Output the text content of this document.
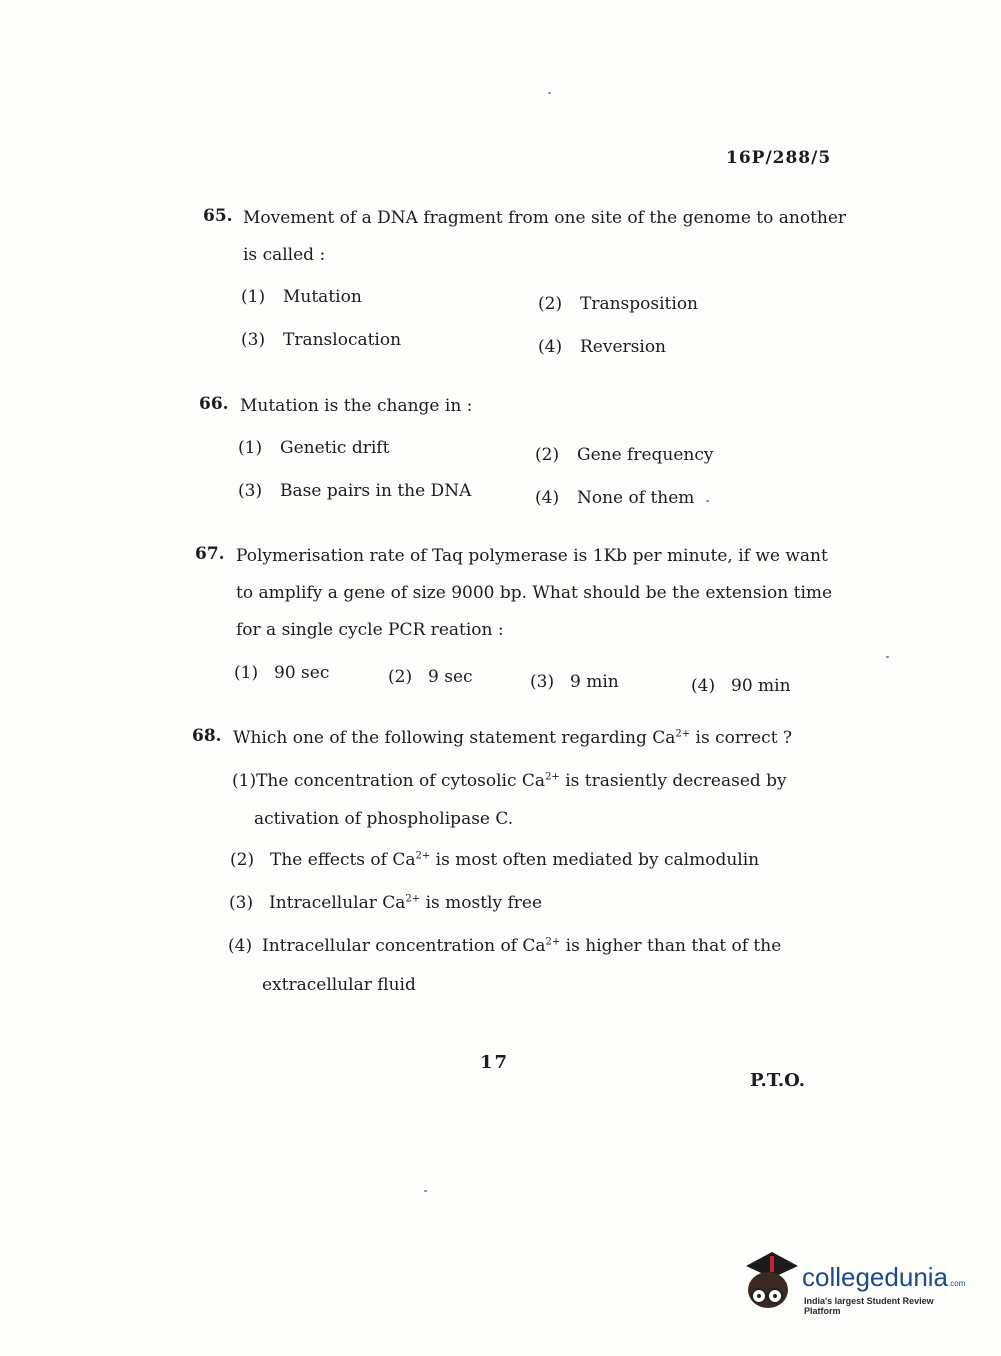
16P/288/5
65. Movement of a DNA fragment from one site of the genome to another
is called :
(1) Mutation	(2) Transposition
(3) Translocation	(4) Reversion
66. Mutation is the change in :
(1) Genetic drift	(2) Gene frequency
(3) Base pairs in the DNA	(4) None of them
67. Polymerisation rate of Taq polymerase is 1Kb per minute, if we want
to amplify a gene of size 9000 bp. What should be the extension time
for a single cycle PCR reation :
(1) 90 sec	(2) 9 sec	(3) 9 min	(4) 90 min
68. Which one of the following statement regarding $Ca^{2+}$ is correct ?
(1)The concentration of cytosolic $Ca^{2+}$ is trasiently decreased by
activation of phospholipase C.
(2) The effects of $Ca^{2+}$ is most often mediated by calmodulin
(3) Intracellular $Ca^{2+}$ is mostly free
(4) Intracellular concentration of $Ca^{2+}$ is higher than that of the
extracellular fluid
17
P.T.O.
collegedunia.com
India's largest Student Review Platform
